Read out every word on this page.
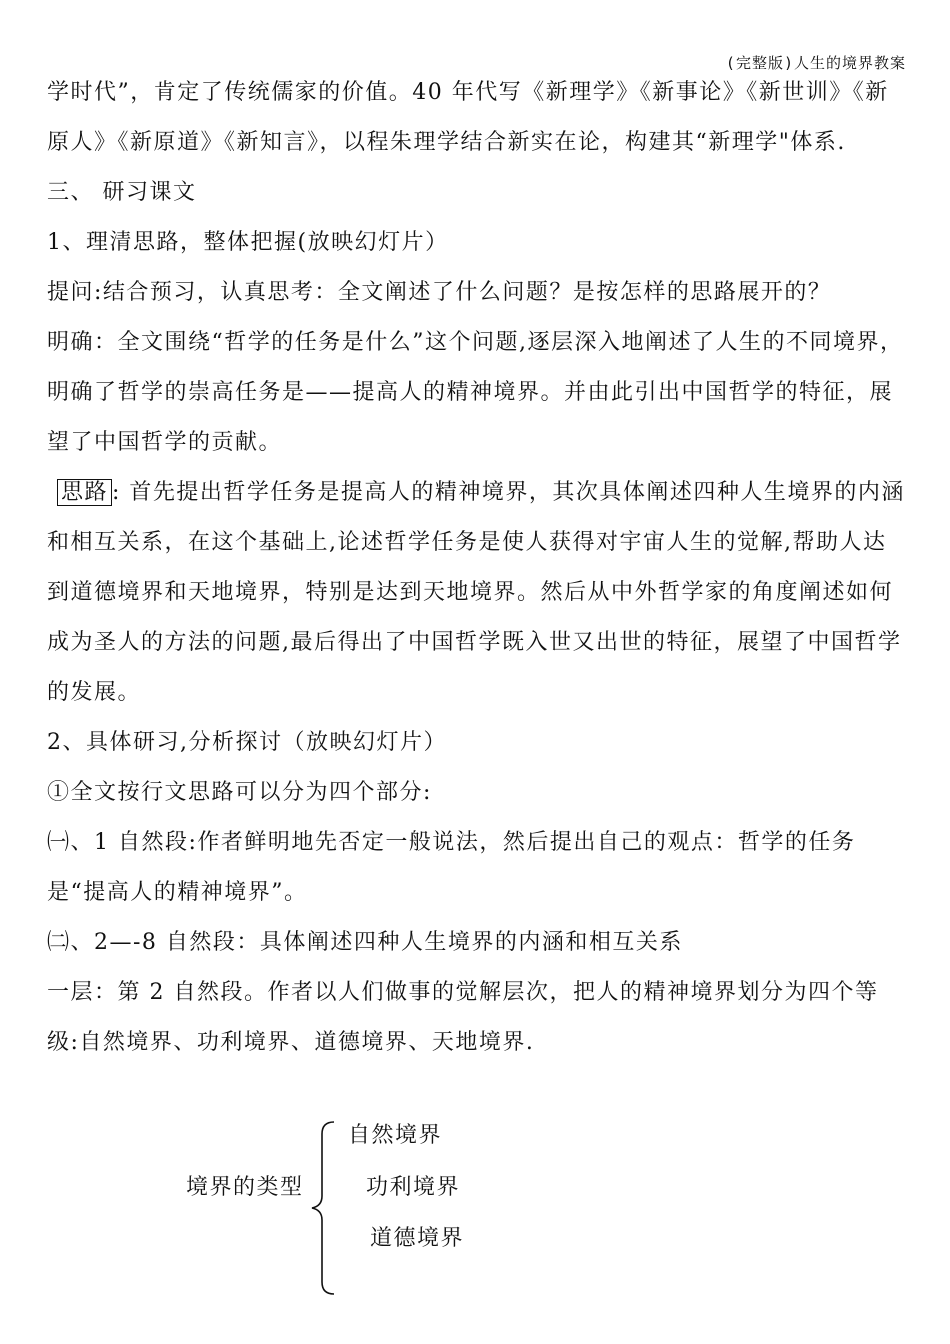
(完整版)人生的境界教案

学时代”，肯定了传统儒家的价值。40 年代写《新理学》《新事论》《新世训》《新原人》《新原道》《新知言》，以程朱理学结合新实在论，构建其“新理学"体系.

三、 研习课文

1、理清思路，整体把握(放映幻灯片）

提问:结合预习，认真思考：全文阐述了什么问题？是按怎样的思路展开的？

明确：全文围绕“哲学的任务是什么”这个问题,逐层深入地阐述了人生的不同境界，明确了哲学的崇高任务是——提高人的精神境界。并由此引出中国哲学的特征，展望了中国哲学的贡献。

思路 : 首先提出哲学任务是提高人的精神境界，其次具体阐述四种人生境界的内涵和相互关系，在这个基础上,论述哲学任务是使人获得对宇宙人生的觉解,帮助人达到道德境界和天地境界，特别是达到天地境界。然后从中外哲学家的角度阐述如何成为圣人的方法的问题,最后得出了中国哲学既入世又出世的特征，展望了中国哲学的发展。

2、具体研习,分析探讨（放映幻灯片）

①全文按行文思路可以分为四个部分:

㈠、1 自然段:作者鲜明地先否定一般说法，然后提出自己的观点：哲学的任务是“提高人的精神境界”。

㈡、2—-8 自然段：具体阐述四种人生境界的内涵和相互关系

一层：第 2 自然段。作者以人们做事的觉解层次，把人的精神境界划分为四个等级:自然境界、功利境界、道德境界、天地境界.

境界的类型
自然境界
功利境界
道德境界
